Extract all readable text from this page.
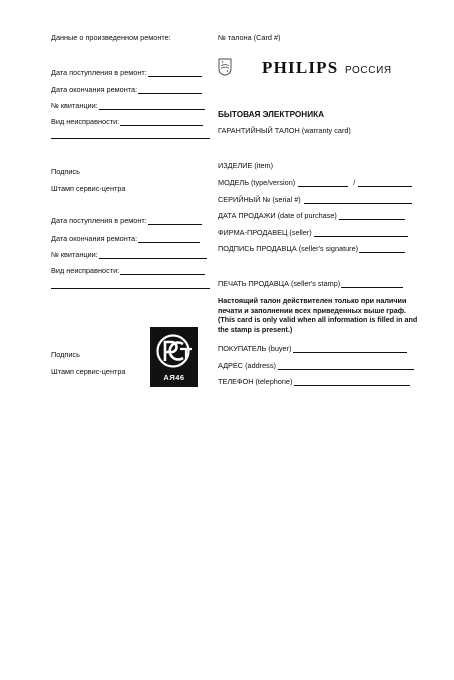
Данные о произведенном ремонте:
Дата поступления в ремонт:
Дата окончания ремонта:
№ квитанции:
Вид неисправности:
Подпись
Штамп сервис-центра
Дата поступления в ремонт:
Дата окончания ремонта:
№ квитанции:
Вид неисправности:
Подпись
Штамп сервис-центра
АЯ46
№ талона (Card #)
PHILIPS РОССИЯ
БЫТОВАЯ ЭЛЕКТРОНИКА
ГАРАНТИЙНЫЙ ТАЛОН (warranty card)
ИЗДЕЛИЕ (item)
МОДЕЛЬ (type/version)	/
СЕРИЙНЫЙ № (serial #)
ДАТА ПРОДАЖИ (date of purchase)
ФИРМА-ПРОДАВЕЦ (seller)
ПОДПИСЬ ПРОДАВЦА (seller's signature)
ПЕЧАТЬ ПРОДАВЦА (seller's stamp)
Настоящий талон действителен только при наличии печати и заполнении всех приведенных выше граф. (This card is only valid when all information is filled in and the stamp is present.)
ПОКУПАТЕЛЬ (buyer)
АДРЕС (address)
ТЕЛЕФОН (telephone)
